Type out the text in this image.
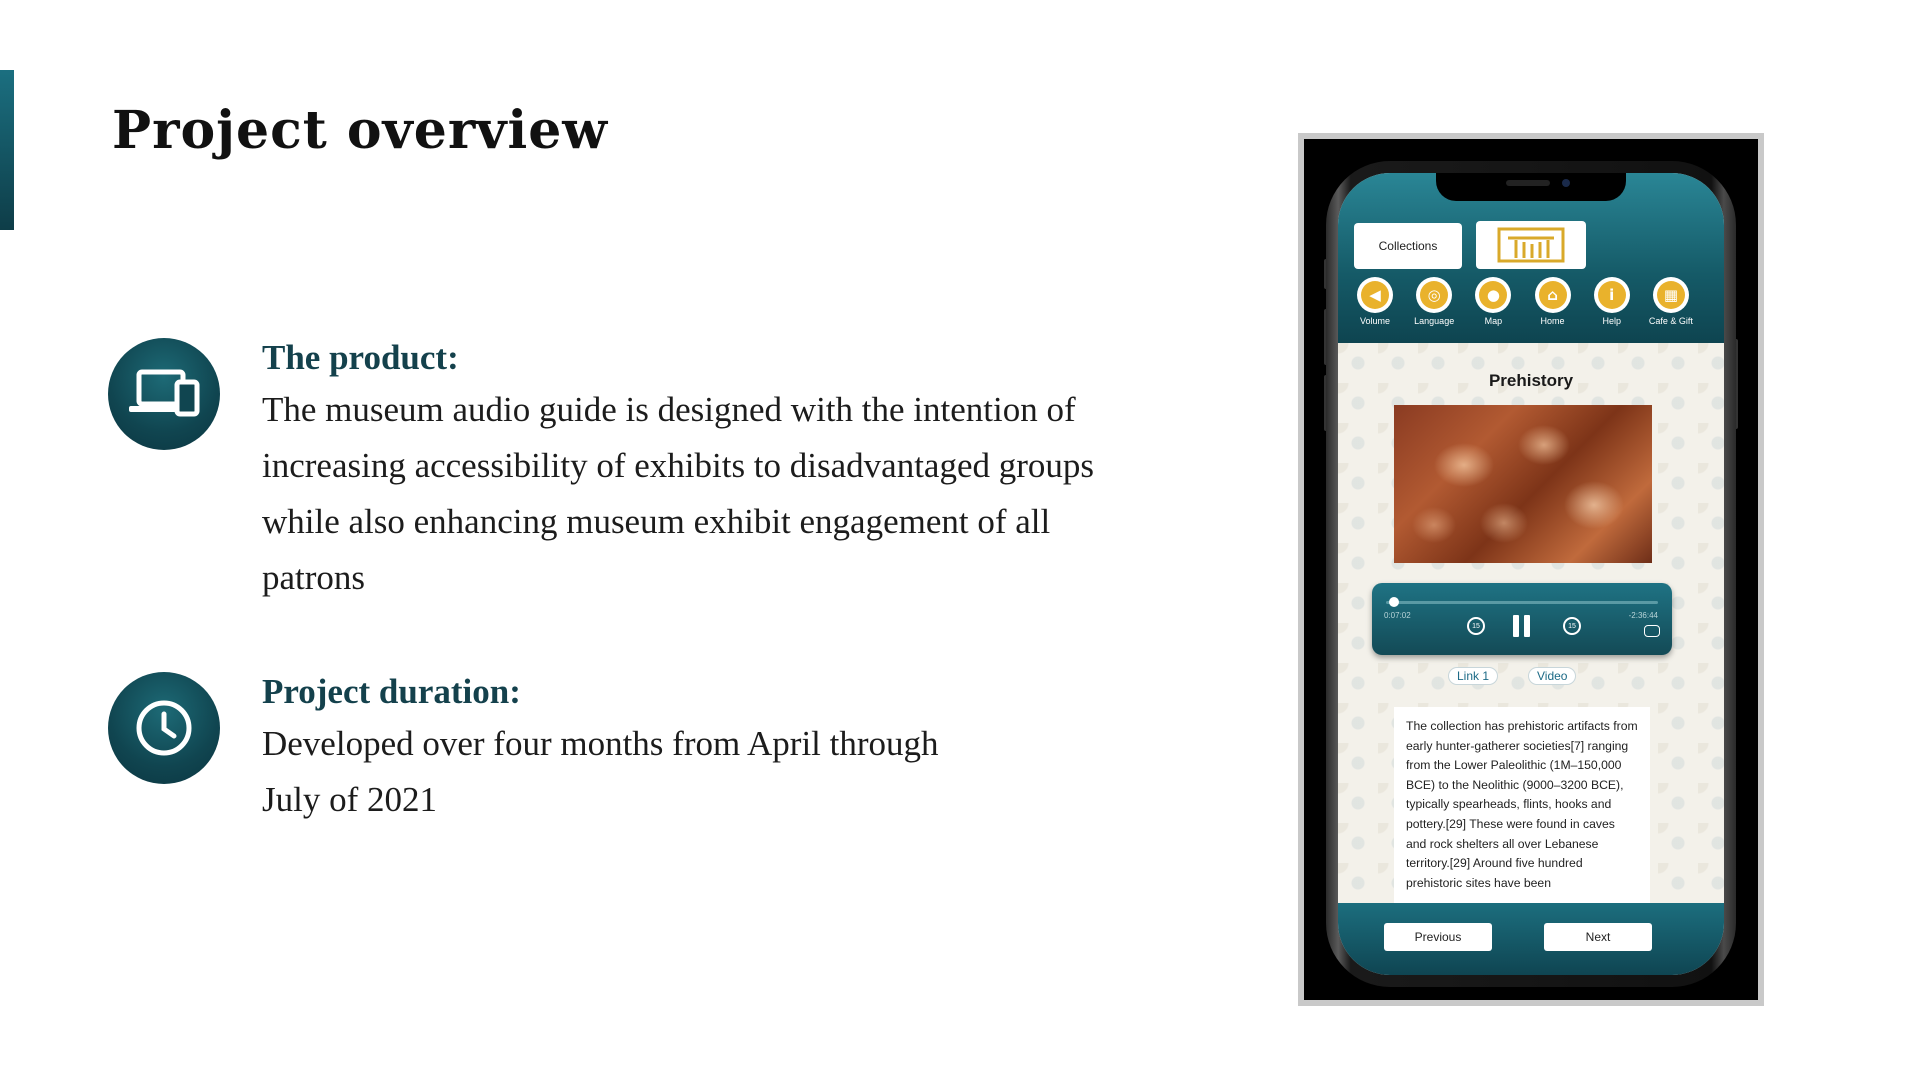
Project overview
The product:
The museum audio guide is designed with the intention of increasing accessibility of exhibits to disadvantaged groups while also enhancing museum exhibit engagement of all patrons
Project duration:
Developed over four months from April through July of 2021
Collections
◀
Volume
◎
Language
●
Map
⌂
Home
i
Help
▦
Cafe & Gift
Prehistory
0:07:02	-2:36:44
15	15
Link 1	Video
The collection has prehistoric artifacts from early hunter-gatherer societies[7] ranging from the Lower Paleolithic (1M–150,000 BCE) to the Neolithic (9000–3200 BCE), typically spearheads, flints, hooks and pottery.[29] These were found in caves and rock shelters all over Lebanese territory.[29] Around five hundred prehistoric sites have been
Previous	Next
